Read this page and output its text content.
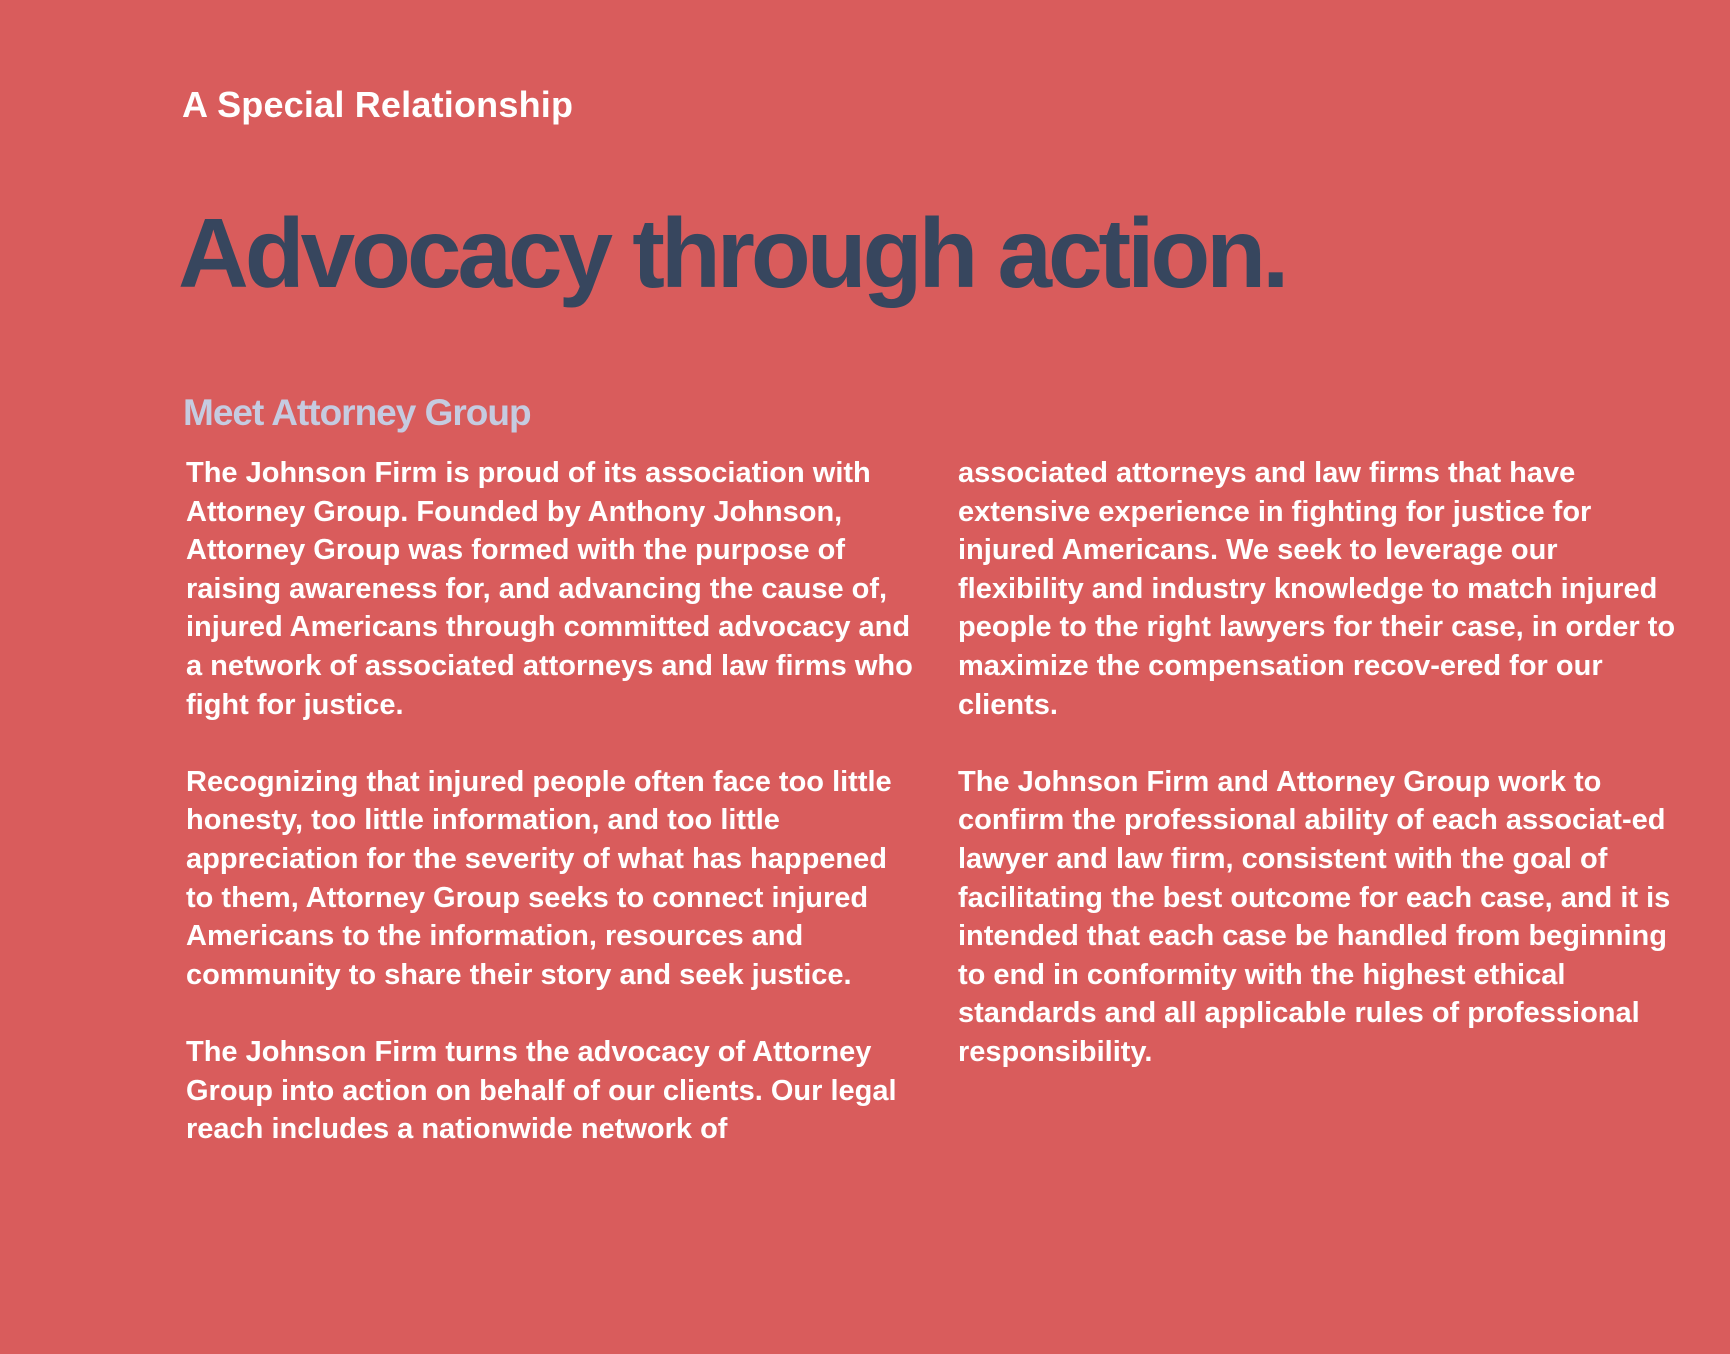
A Special Relationship
Advocacy through action.
Meet Attorney Group

The Johnson Firm is proud of its association with Attorney Group. Founded by Anthony Johnson, Attorney Group was formed with the purpose of raising awareness for, and advancing the cause of, injured Americans through committed advocacy and a network of associated attorneys and law firms who fight for justice.

Recognizing that injured people often face too little honesty, too little information, and too little appreciation for the severity of what has happened to them, Attorney Group seeks to connect injured Americans to the information, resources and community to share their story and seek justice.

The Johnson Firm turns the advocacy of Attorney Group into action on behalf of our clients. Our legal reach includes a nationwide network of

associated attorneys and law firms that have extensive experience in fighting for justice for injured Americans. We seek to leverage our flexibility and industry knowledge to match injured people to the right lawyers for their case, in order to maximize the compensation recov-ered for our clients.

The Johnson Firm and Attorney Group work to confirm the professional ability of each associat-ed lawyer and law firm, consistent with the goal of facilitating the best outcome for each case, and it is intended that each case be handled from beginning to end in conformity with the highest ethical standards and all applicable rules of professional responsibility.
